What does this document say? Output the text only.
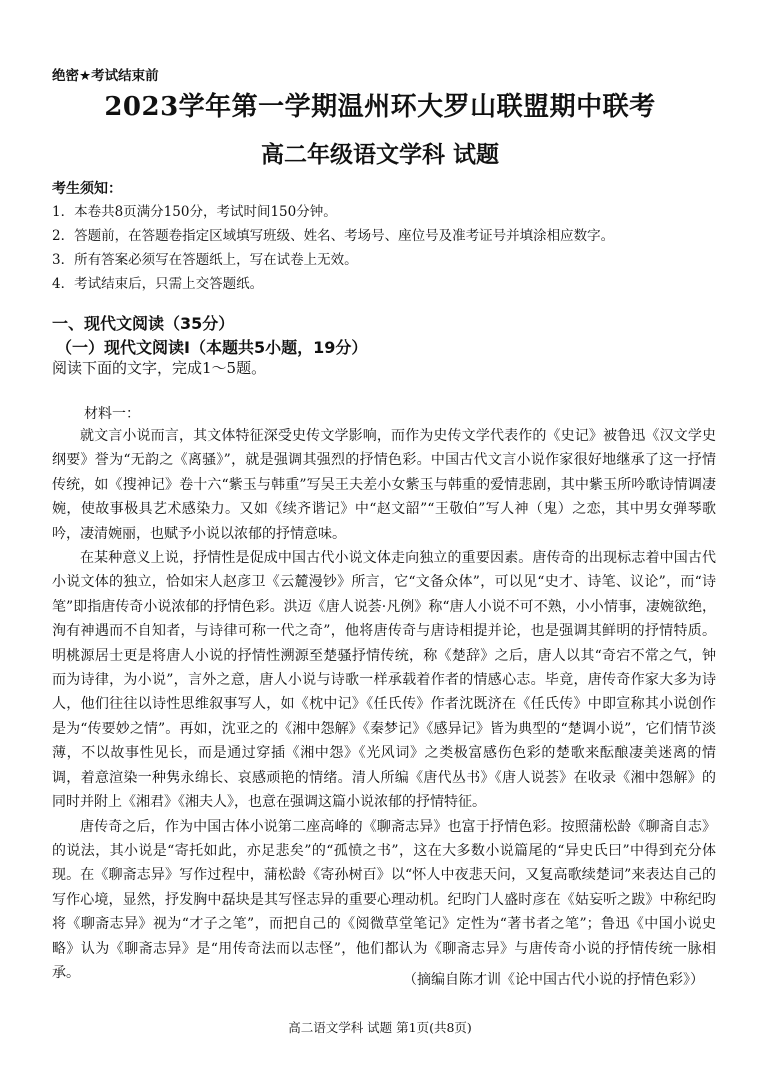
绝密★考试结束前
2023学年第一学期温州环大罗山联盟期中联考
高二年级语文学科 试题
考生须知：
1．本卷共8页满分150分，考试时间150分钟。
2．答题前，在答题卷指定区域填写班级、姓名、考场号、座位号及准考证号并填涂相应数字。
3．所有答案必须写在答题纸上，写在试卷上无效。
4．考试结束后，只需上交答题纸。
一、现代文阅读（35分）
（一）现代文阅读Ⅰ（本题共5小题，19分）
阅读下面的文字，完成1～5题。
材料一：

就文言小说而言，其文体特征深受史传文学影响，而作为史传文学代表作的《史记》被鲁迅《汉文学史纲要》誉为“无韵之《离骚》”，就是强调其强烈的抒情色彩。中国古代文言小说作家很好地继承了这一抒情传统，如《搜神记》卷十六“紫玉与韩重”写吴王夫差小女紫玉与韩重的爱情悲剧，其中紫玉所吟歌诗情调凄婉，使故事极具艺术感染力。又如《续齐谐记》中“赵文韶”“王敬伯”写人神（鬼）之恋，其中男女弹琴歌吟，凄清婉丽，也赋予小说以浓郁的抒情意味。

在某种意义上说，抒情性是促成中国古代小说文体走向独立的重要因素。唐传奇的出现标志着中国古代小说文体的独立，恰如宋人赵彦卫《云麓漫钞》所言，它“文备众体”，可以见“史才、诗笔、议论”，而“诗笔”即指唐传奇小说浓郁的抒情色彩。洪迈《唐人说荟·凡例》称“唐人小说不可不熟，小小情事，凄婉欲绝，洵有神遇而不自知者，与诗律可称一代之奇”，他将唐传奇与唐诗相提并论，也是强调其鲜明的抒情特质。明桃源居士更是将唐人小说的抒情性溯源至楚骚抒情传统，称《楚辞》之后，唐人以其“奇宕不常之气，钟而为诗律，为小说”，言外之意，唐人小说与诗歌一样承载着作者的情感心志。毕竟，唐传奇作家大多为诗人，他们往往以诗性思维叙事写人，如《枕中记》《任氏传》作者沈既济在《任氏传》中即宣称其小说创作是为“传要妙之情”。再如，沈亚之的《湘中怨解》《秦梦记》《感异记》皆为典型的“楚调小说”，它们情节淡薄，不以故事性见长，而是通过穿插《湘中怨》《光风词》之类极富感伤色彩的楚歌来酝酿凄美迷离的情调，着意渲染一种隽永绵长、哀感顽艳的情绪。清人所编《唐代丛书》《唐人说荟》在收录《湘中怨解》的同时并附上《湘君》《湘夫人》，也意在强调这篇小说浓郁的抒情特征。

唐传奇之后，作为中国古体小说第二座高峰的《聊斋志异》也富于抒情色彩。按照蒲松龄《聊斋自志》的说法，其小说是“寄托如此，亦足悲矣”的“孤愤之书”，这在大多数小说篇尾的“异史氏曰”中得到充分体现。在《聊斋志异》写作过程中，蒲松龄《寄孙树百》以“怀人中夜悲天问，又复高歌续楚词”来表达自己的写作心境，显然，抒发胸中磊块是其写怪志异的重要心理动机。纪昀门人盛时彦在《姑妄听之跋》中称纪昀将《聊斋志异》视为“才子之笔”，而把自己的《阅微草堂笔记》定性为“著书者之笔”；鲁迅《中国小说史略》认为《聊斋志异》是“用传奇法而以志怪”，他们都认为《聊斋志异》与唐传奇小说的抒情传统一脉相承。	（摘编自陈才训《论中国古代小说的抒情色彩》）
高二语文学科 试题 第1页(共8页)
